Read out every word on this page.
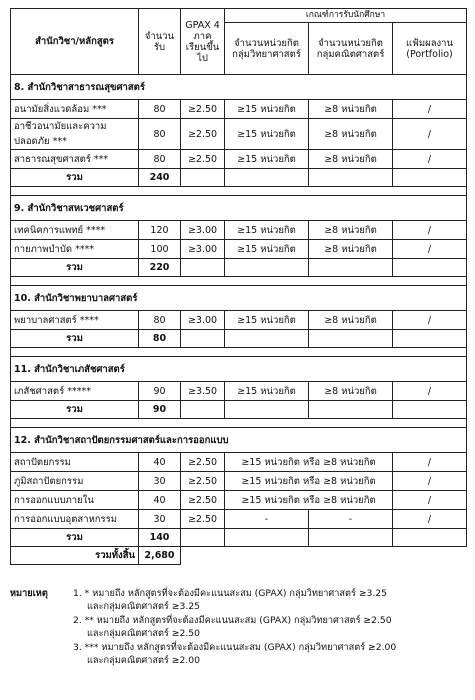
สำนักวิชา/หลักสูตร	จำนวนรับ	GPAX 4 ภาคเรียนขึ้นไป	เกณฑ์การรับนักศึกษา		
			จำนวนหน่วยกิตกลุ่มวิทยาศาสตร์	จำนวนหน่วยกิตกลุ่มคณิตศาสตร์	แฟ้มผลงาน (Portfolio)
8. สำนักวิชาสาธารณสุขศาสตร์					
อนามัยสิ่งแวดล้อม ***	80	≥2.50	≥15 หน่วยกิต	≥8 หน่วยกิต	/
อาชีวอนามัยและความปลอดภัย ***	80	≥2.50	≥15 หน่วยกิต	≥8 หน่วยกิต	/
สาธารณสุขศาสตร์ ***	80	≥2.50	≥15 หน่วยกิต	≥8 หน่วยกิต	/
รวม	240				

9. สำนักวิชาสหเวชศาสตร์					
เทคนิคการแพทย์ ****	120	≥3.00	≥15 หน่วยกิต	≥8 หน่วยกิต	/
กายภาพบำบัด ****	100	≥3.00	≥15 หน่วยกิต	≥8 หน่วยกิต	/
รวม	220				

10. สำนักวิชาพยาบาลศาสตร์					
พยาบาลศาสตร์ ****	80	≥3.00	≥15 หน่วยกิต	≥8 หน่วยกิต	/
รวม	80				

11. สำนักวิชาเภสัชศาสตร์					
เภสัชศาสตร์ *****	90	≥3.50	≥15 หน่วยกิต	≥8 หน่วยกิต	/
รวม	90				

12. สำนักวิชาสถาปัตยกรรมศาสตร์และการออกแบบ					
สถาปัตยกรรม	40	≥2.50	≥15 หน่วยกิต หรือ ≥8 หน่วยกิต		/
ภูมิสถาปัตยกรรม	30	≥2.50	≥15 หน่วยกิต หรือ ≥8 หน่วยกิต		/
การออกแบบภายใน	40	≥2.50	≥15 หน่วยกิต หรือ ≥8 หน่วยกิต		/
การออกแบบอุตสาหกรรม	30	≥2.50	-	-	/
รวม	140				
รวมทั้งสิ้น	2,680				
หมายเหตุ	1. * หมายถึง หลักสูตรที่จะต้องมีคะแนนสะสม (GPAX) กลุ่มวิทยาศาสตร์ ≥3.25
และกลุ่มคณิตศาสตร์ ≥3.25
2. ** หมายถึง หลักสูตรที่จะต้องมีคะแนนสะสม (GPAX) กลุ่มวิทยาศาสตร์ ≥2.50
และกลุ่มคณิตศาสตร์ ≥2.50
3. *** หมายถึง หลักสูตรที่จะต้องมีคะแนนสะสม (GPAX) กลุ่มวิทยาศาสตร์ ≥2.00
และกลุ่มคณิตศาสตร์ ≥2.00
